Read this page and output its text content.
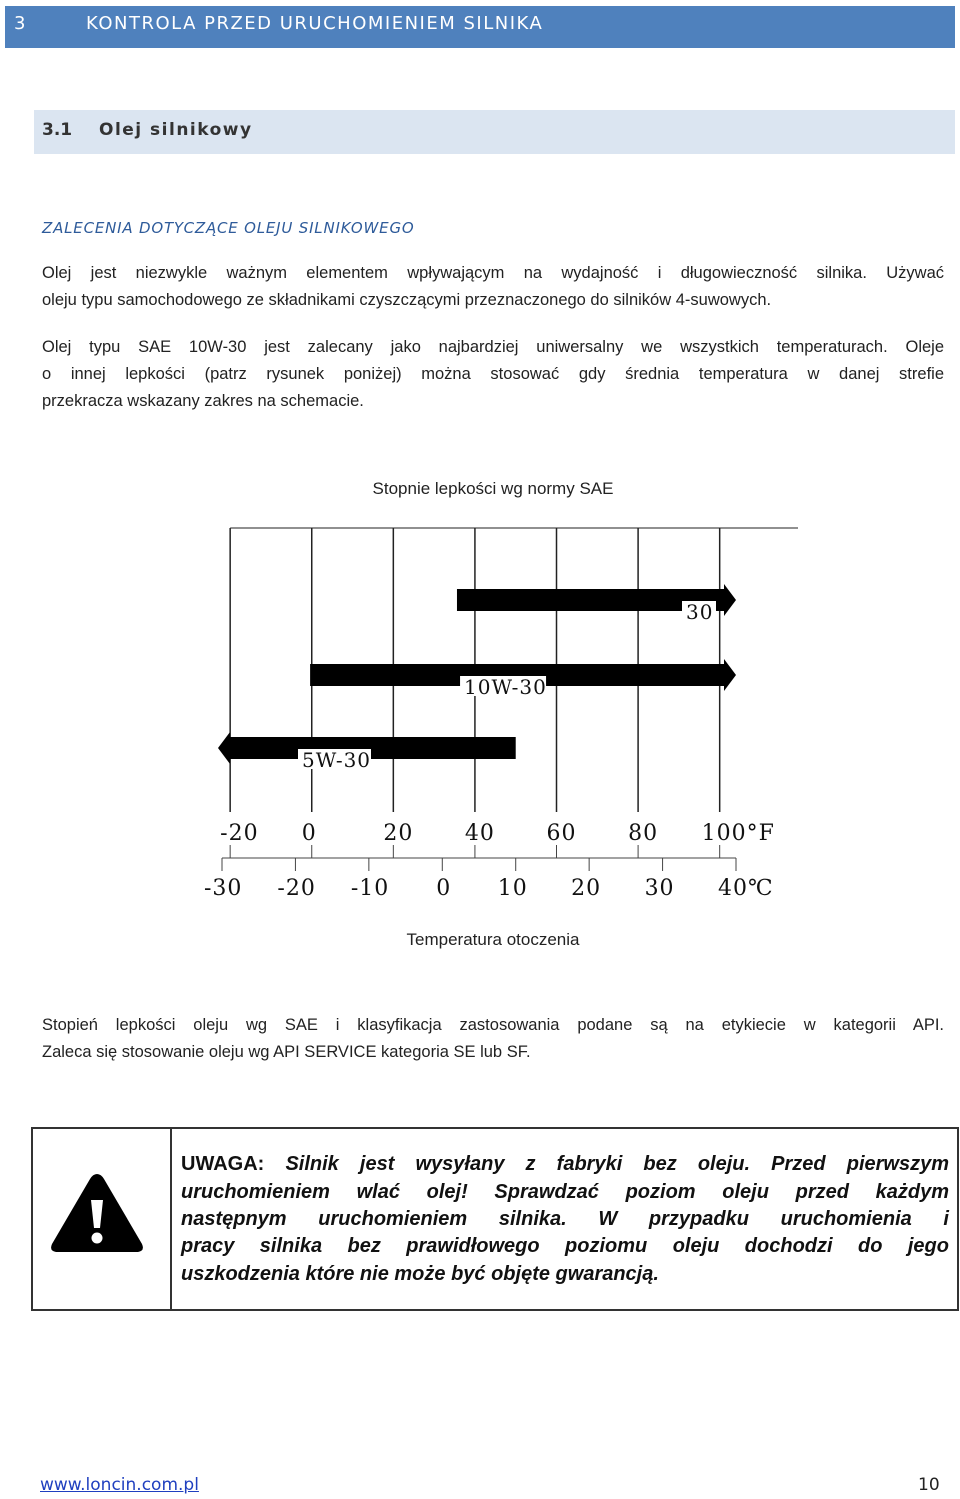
3	KONTROLA PRZED URUCHOMIENIEM SILNIKA
3.1 Olej silnikowy
ZALECENIA DOTYCZĄCE OLEJU SILNIKOWEGO
Olej jest niezwykle ważnym elementem wpływającym na wydajność i długowieczność silnika. Używać
oleju typu samochodowego ze składnikami czyszczącymi przeznaczonego do silników 4-suwowych.
Olej typu SAE 10W-30 jest zalecany jako najbardziej uniwersalny we wszystkich temperaturach. Oleje
o innej lepkości (patrz rysunek poniżej) można stosować gdy średnia temperatura w danej strefie
przekracza wskazany zakres na schemacie.
Stopnie lepkości wg normy SAE
30
10W-30
5W-30
-20 0	20 40 60 80 100°F
-30 -20 -10 0 10 20 30 40℃
Temperatura otoczenia
Stopień lepkości oleju wg SAE i klasyfikacja zastosowania podane są na etykiecie w kategorii API.
Zaleca się stosowanie oleju wg API SERVICE kategoria SE lub SF.
UWAGA: Silnik jest wysyłany z fabryki bez oleju. Przed pierwszym
uruchomieniem wlać olej! Sprawdzać poziom oleju przed każdym
następnym uruchomieniem silnika. W przypadku uruchomienia i
pracy silnika bez prawidłowego poziomu oleju dochodzi do jego
uszkodzenia które nie może być objęte gwarancją.
www.loncin.com.pl	10
